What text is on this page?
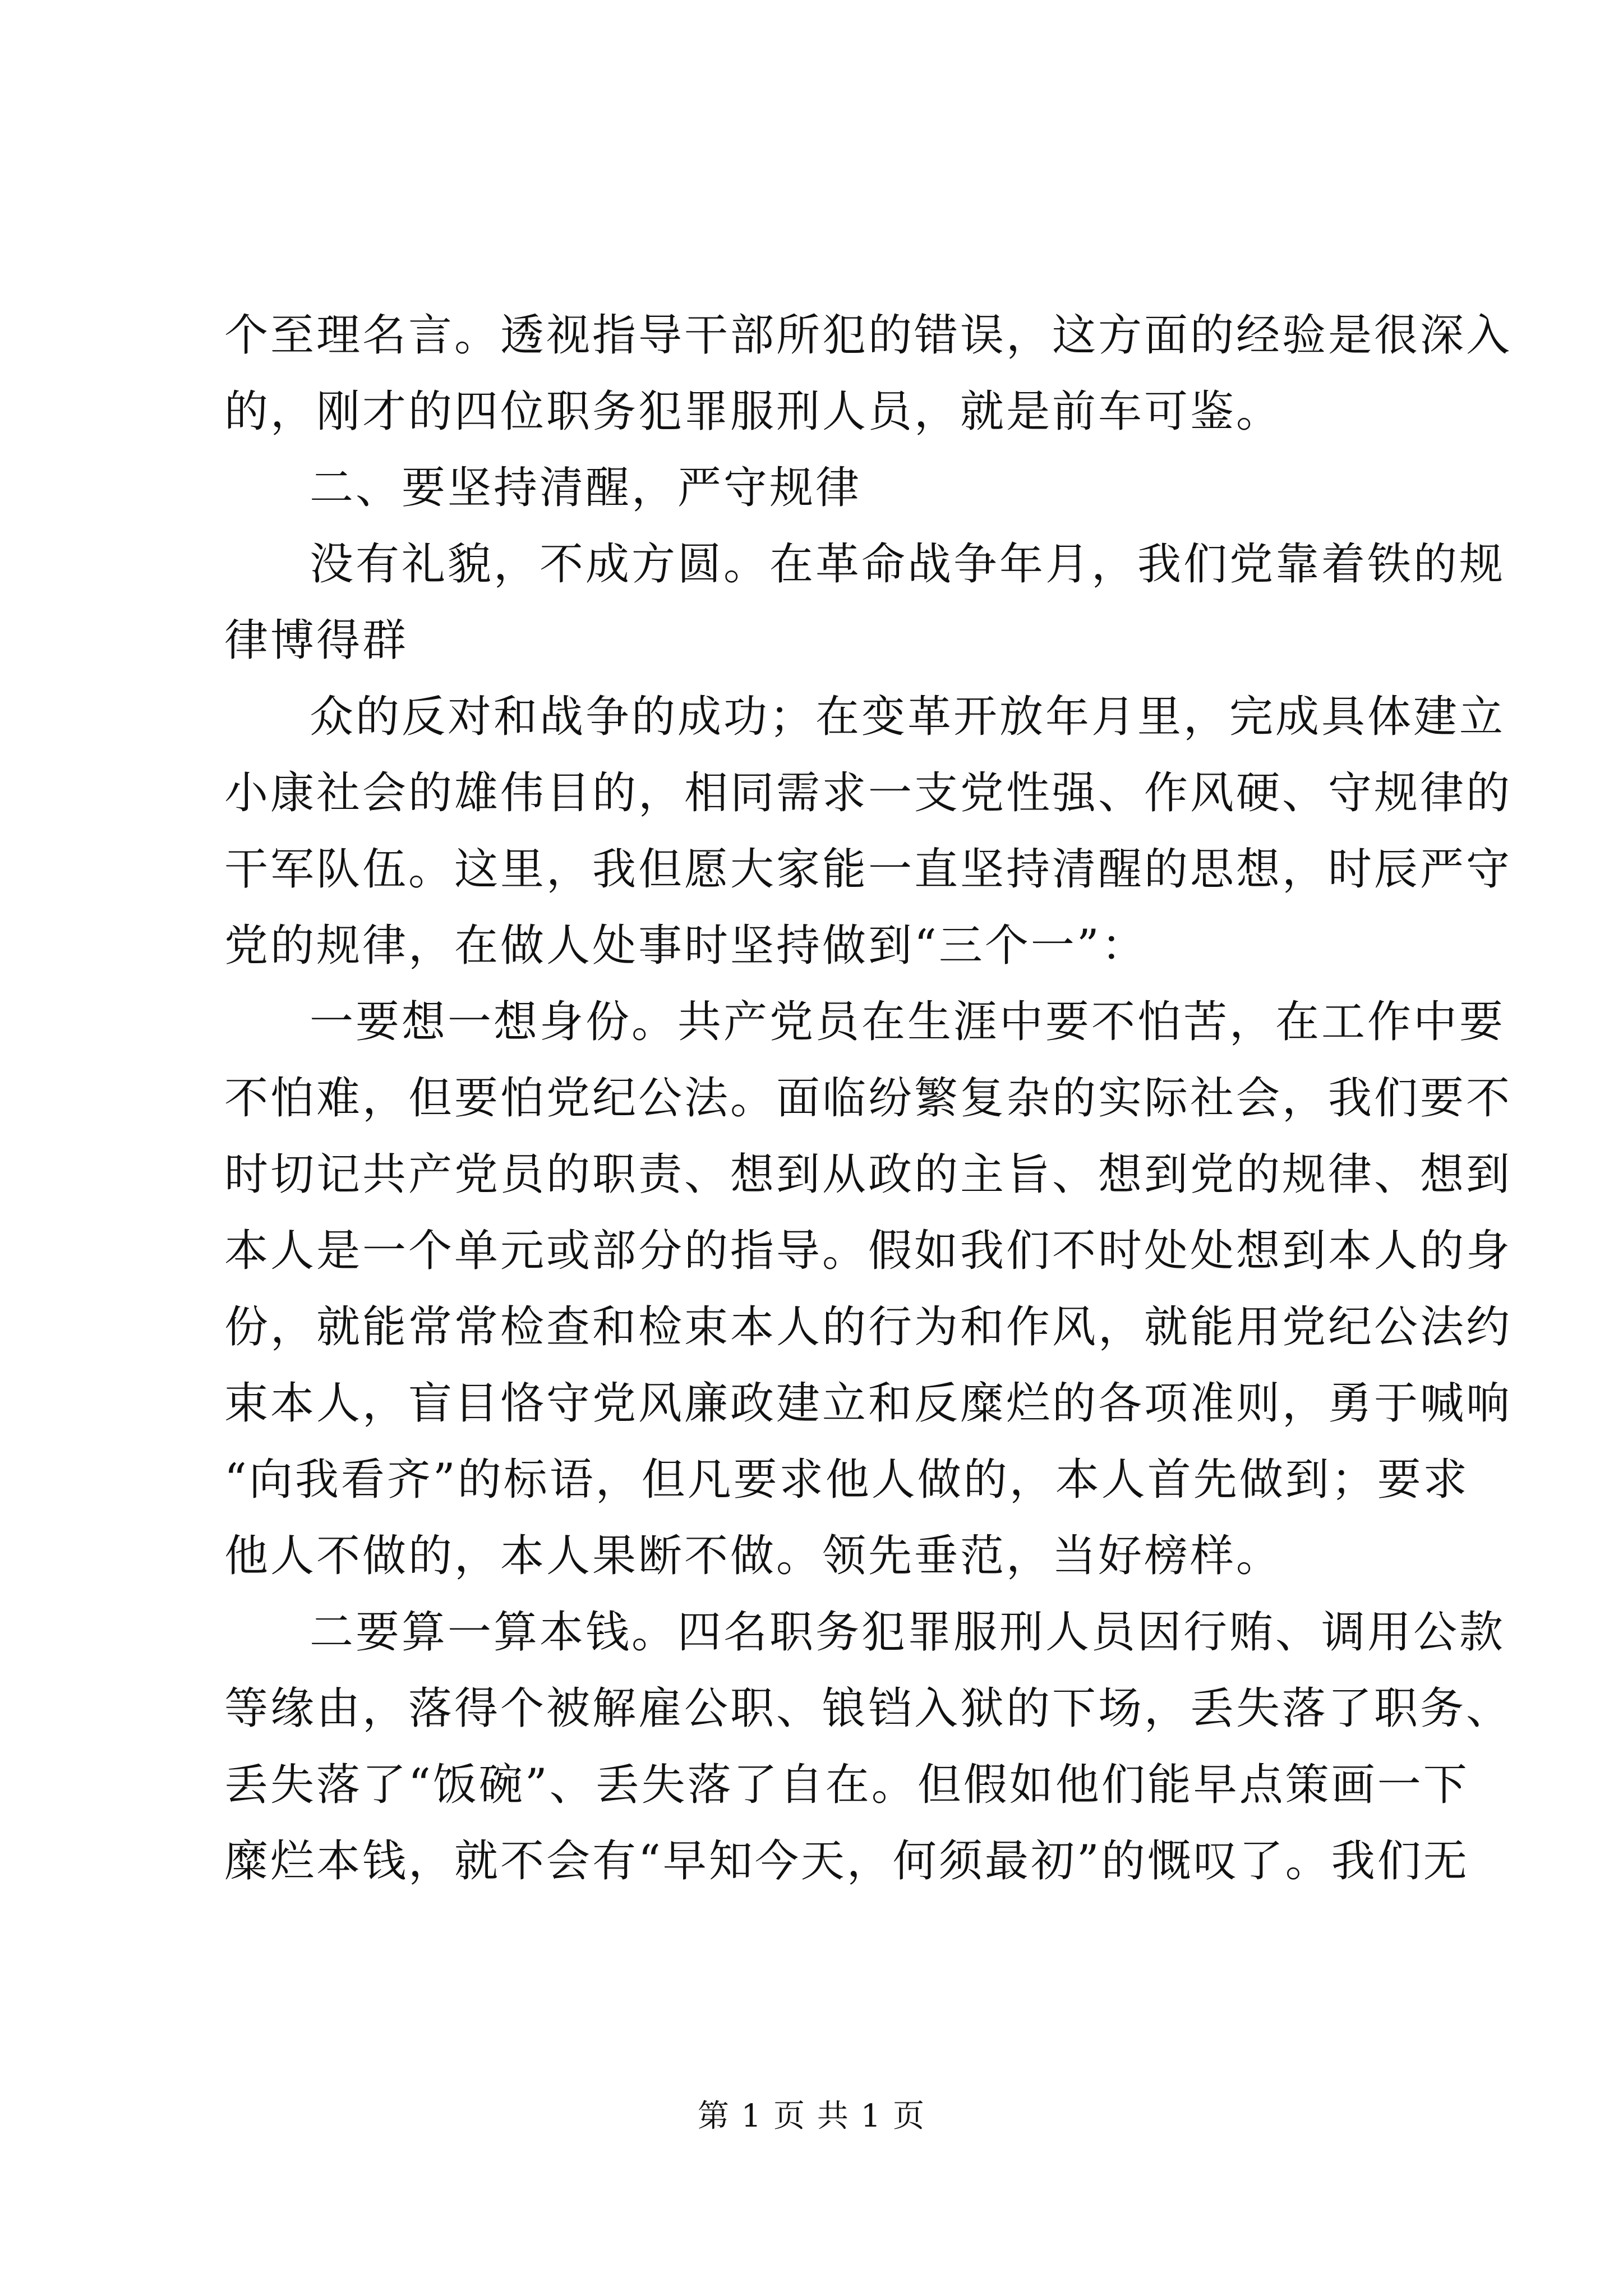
个至理名言。透视指导干部所犯的错误，这方面的经验是很深入
的，刚才的四位职务犯罪服刑人员，就是前车可鉴。
二、要坚持清醒，严守规律
没有礼貌，不成方圆。在革命战争年月，我们党靠着铁的规
律博得群
众的反对和战争的成功；在变革开放年月里，完成具体建立
小康社会的雄伟目的，相同需求一支党性强、作风硬、守规律的
干军队伍。这里，我但愿大家能一直坚持清醒的思想，时辰严守
党的规律，在做人处事时坚持做到“三个一”：
一要想一想身份。共产党员在生涯中要不怕苦，在工作中要
不怕难，但要怕党纪公法。面临纷繁复杂的实际社会，我们要不
时切记共产党员的职责、想到从政的主旨、想到党的规律、想到
本人是一个单元或部分的指导。假如我们不时处处想到本人的身
份，就能常常检查和检束本人的行为和作风，就能用党纪公法约
束本人，盲目恪守党风廉政建立和反糜烂的各项准则，勇于喊响
“向我看齐”的标语，但凡要求他人做的，本人首先做到；要求
他人不做的，本人果断不做。领先垂范，当好榜样。
二要算一算本钱。四名职务犯罪服刑人员因行贿、调用公款
等缘由，落得个被解雇公职、锒铛入狱的下场，丢失落了职务、
丢失落了“饭碗”、丢失落了自在。但假如他们能早点策画一下
糜烂本钱，就不会有“早知今天，何须最初”的慨叹了。我们无
第 1 页 共 1 页
